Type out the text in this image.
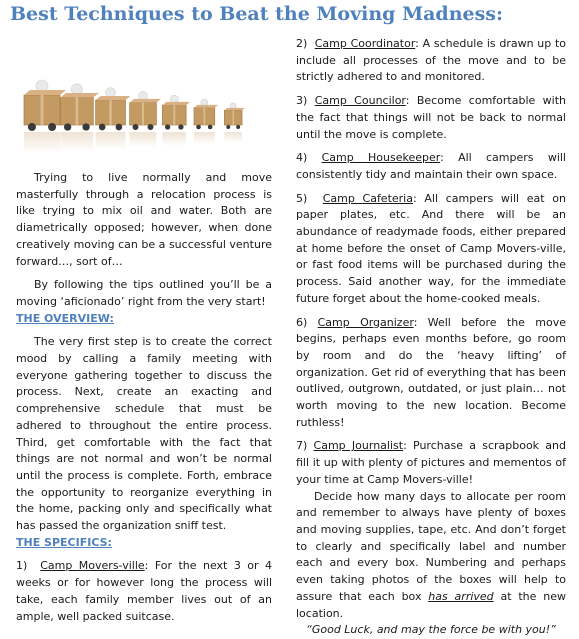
Best Techniques to Beat the Moving Madness:

Trying to live normally and move masterfully through a relocation process is like trying to mix oil and water. Both are diametrically opposed; however, when done creatively moving can be a successful venture forward…, sort of…

By following the tips outlined you’ll be a moving ‘aficionado’ right from the very start!

THE OVERVIEW:

The very first step is to create the correct mood by calling a family meeting with everyone gathering together to discuss the process. Next, create an exacting and comprehensive schedule that must be adhered to throughout the entire process. Third, get comfortable with the fact that things are not normal and won’t be normal until the process is complete. Forth, embrace the opportunity to reorganize everything in the home, packing only and specifically what has passed the organization sniff test.

THE SPECIFICS:

1) Camp Movers-ville: For the next 3 or 4 weeks or for however long the process will take, each family member lives out of an ample, well packed suitcase.

2) Camp Coordinator: A schedule is drawn up to include all processes of the move and to be strictly adhered to and monitored.

3) Camp Councilor: Become comfortable with the fact that things will not be back to normal until the move is complete.

4) Camp Housekeeper: All campers will consistently tidy and maintain their own space.

5) Camp Cafeteria: All campers will eat on paper plates, etc. And there will be an abundance of readymade foods, either prepared at home before the onset of Camp Movers-ville, or fast food items will be purchased during the process. Said another way, for the immediate future forget about the home-cooked meals.

6) Camp Organizer: Well before the move begins, perhaps even months before, go room by room and do the ‘heavy lifting’ of organization. Get rid of everything that has been outlived, outgrown, outdated, or just plain… not worth moving to the new location. Become ruthless!

7) Camp Journalist: Purchase a scrapbook and fill it up with plenty of pictures and mementos of your time at Camp Movers-ville!

Decide how many days to allocate per room and remember to always have plenty of boxes and moving supplies, tape, etc. And don’t forget to clearly and specifically label and number each and every box. Numbering and perhaps even taking photos of the boxes will help to assure that each box has arrived at the new location.

“Good Luck, and may the force be with you!”
